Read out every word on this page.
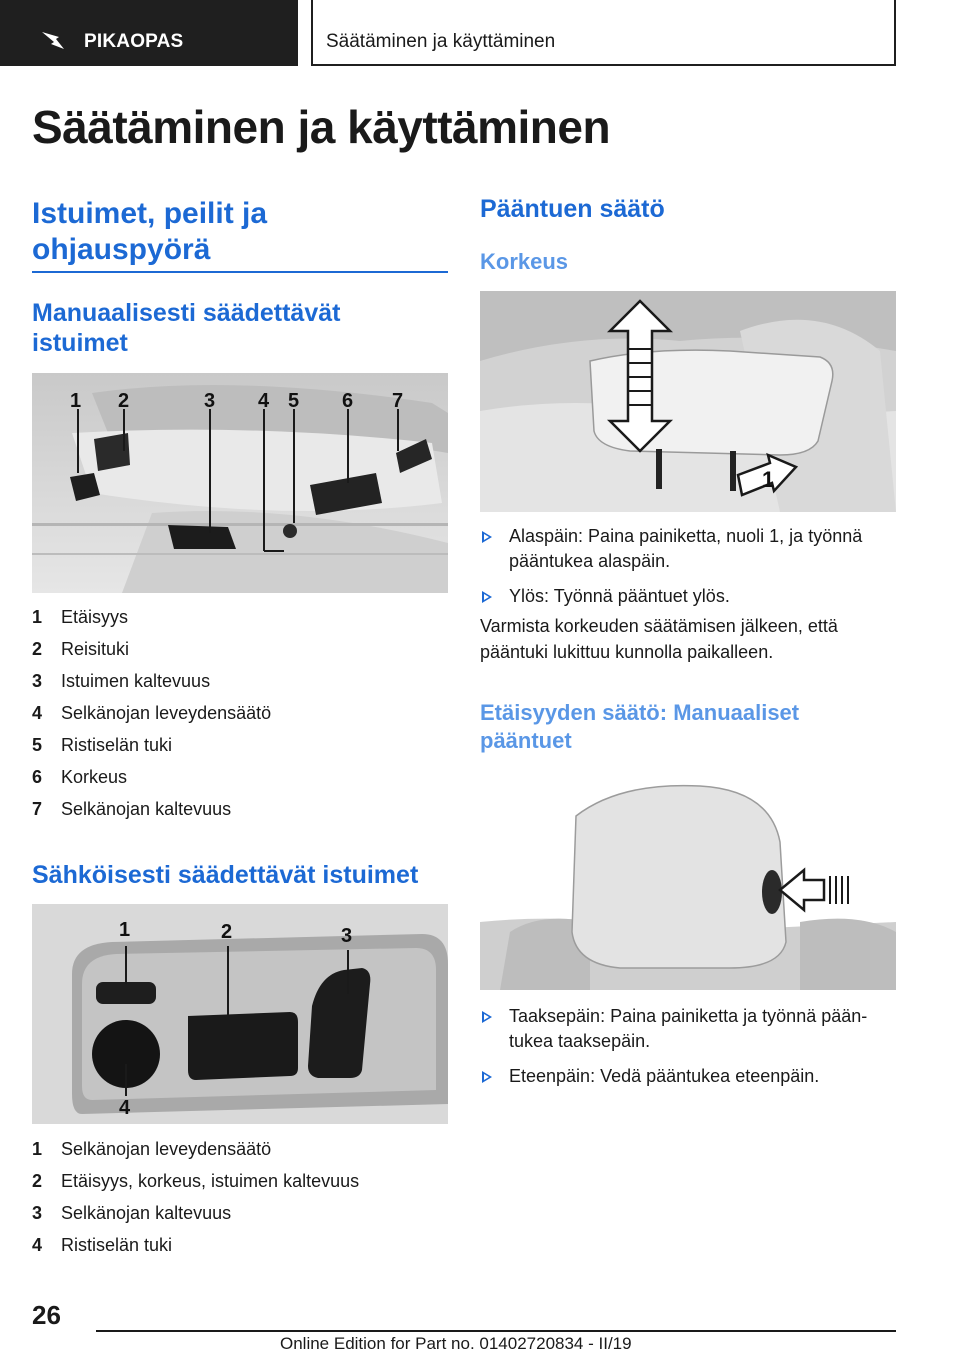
PIKAOPAS	Säätäminen ja käyttäminen
Säätäminen ja käyttäminen
Istuimet, peilit ja
ohjauspyörä
Manuaalisesti säädettävät
istuimet
1 2	3 4 5 6 7
1	Etäisyys
2	Reisituki
3	Istuimen kaltevuus
4	Selkänojan leveydensäätö
5	Ristiselän tuki
6	Korkeus
7	Selkänojan kaltevuus
Sähköisesti säädettävät istuimet
1	2	3
4
1	Selkänojan leveydensäätö
2	Etäisyys, korkeus, istuimen kaltevuus
3	Selkänojan kaltevuus
4	Ristiselän tuki
Pääntuen säätö
Korkeus
1
Alaspäin: Paina painiketta, nuoli 1, ja työnnä
pääntukea alaspäin.
Ylös: Työnnä pääntuet ylös.
Varmista korkeuden säätämisen jälkeen, että
pääntuki lukittuu kunnolla paikalleen.
Etäisyyden säätö: Manuaaliset
pääntuet
Taaksepäin: Paina painiketta ja työnnä pään-
tukea taaksepäin.
Eteenpäin: Vedä pääntukea eteenpäin.
26
Online Edition for Part no. 01402720834 - II/19
